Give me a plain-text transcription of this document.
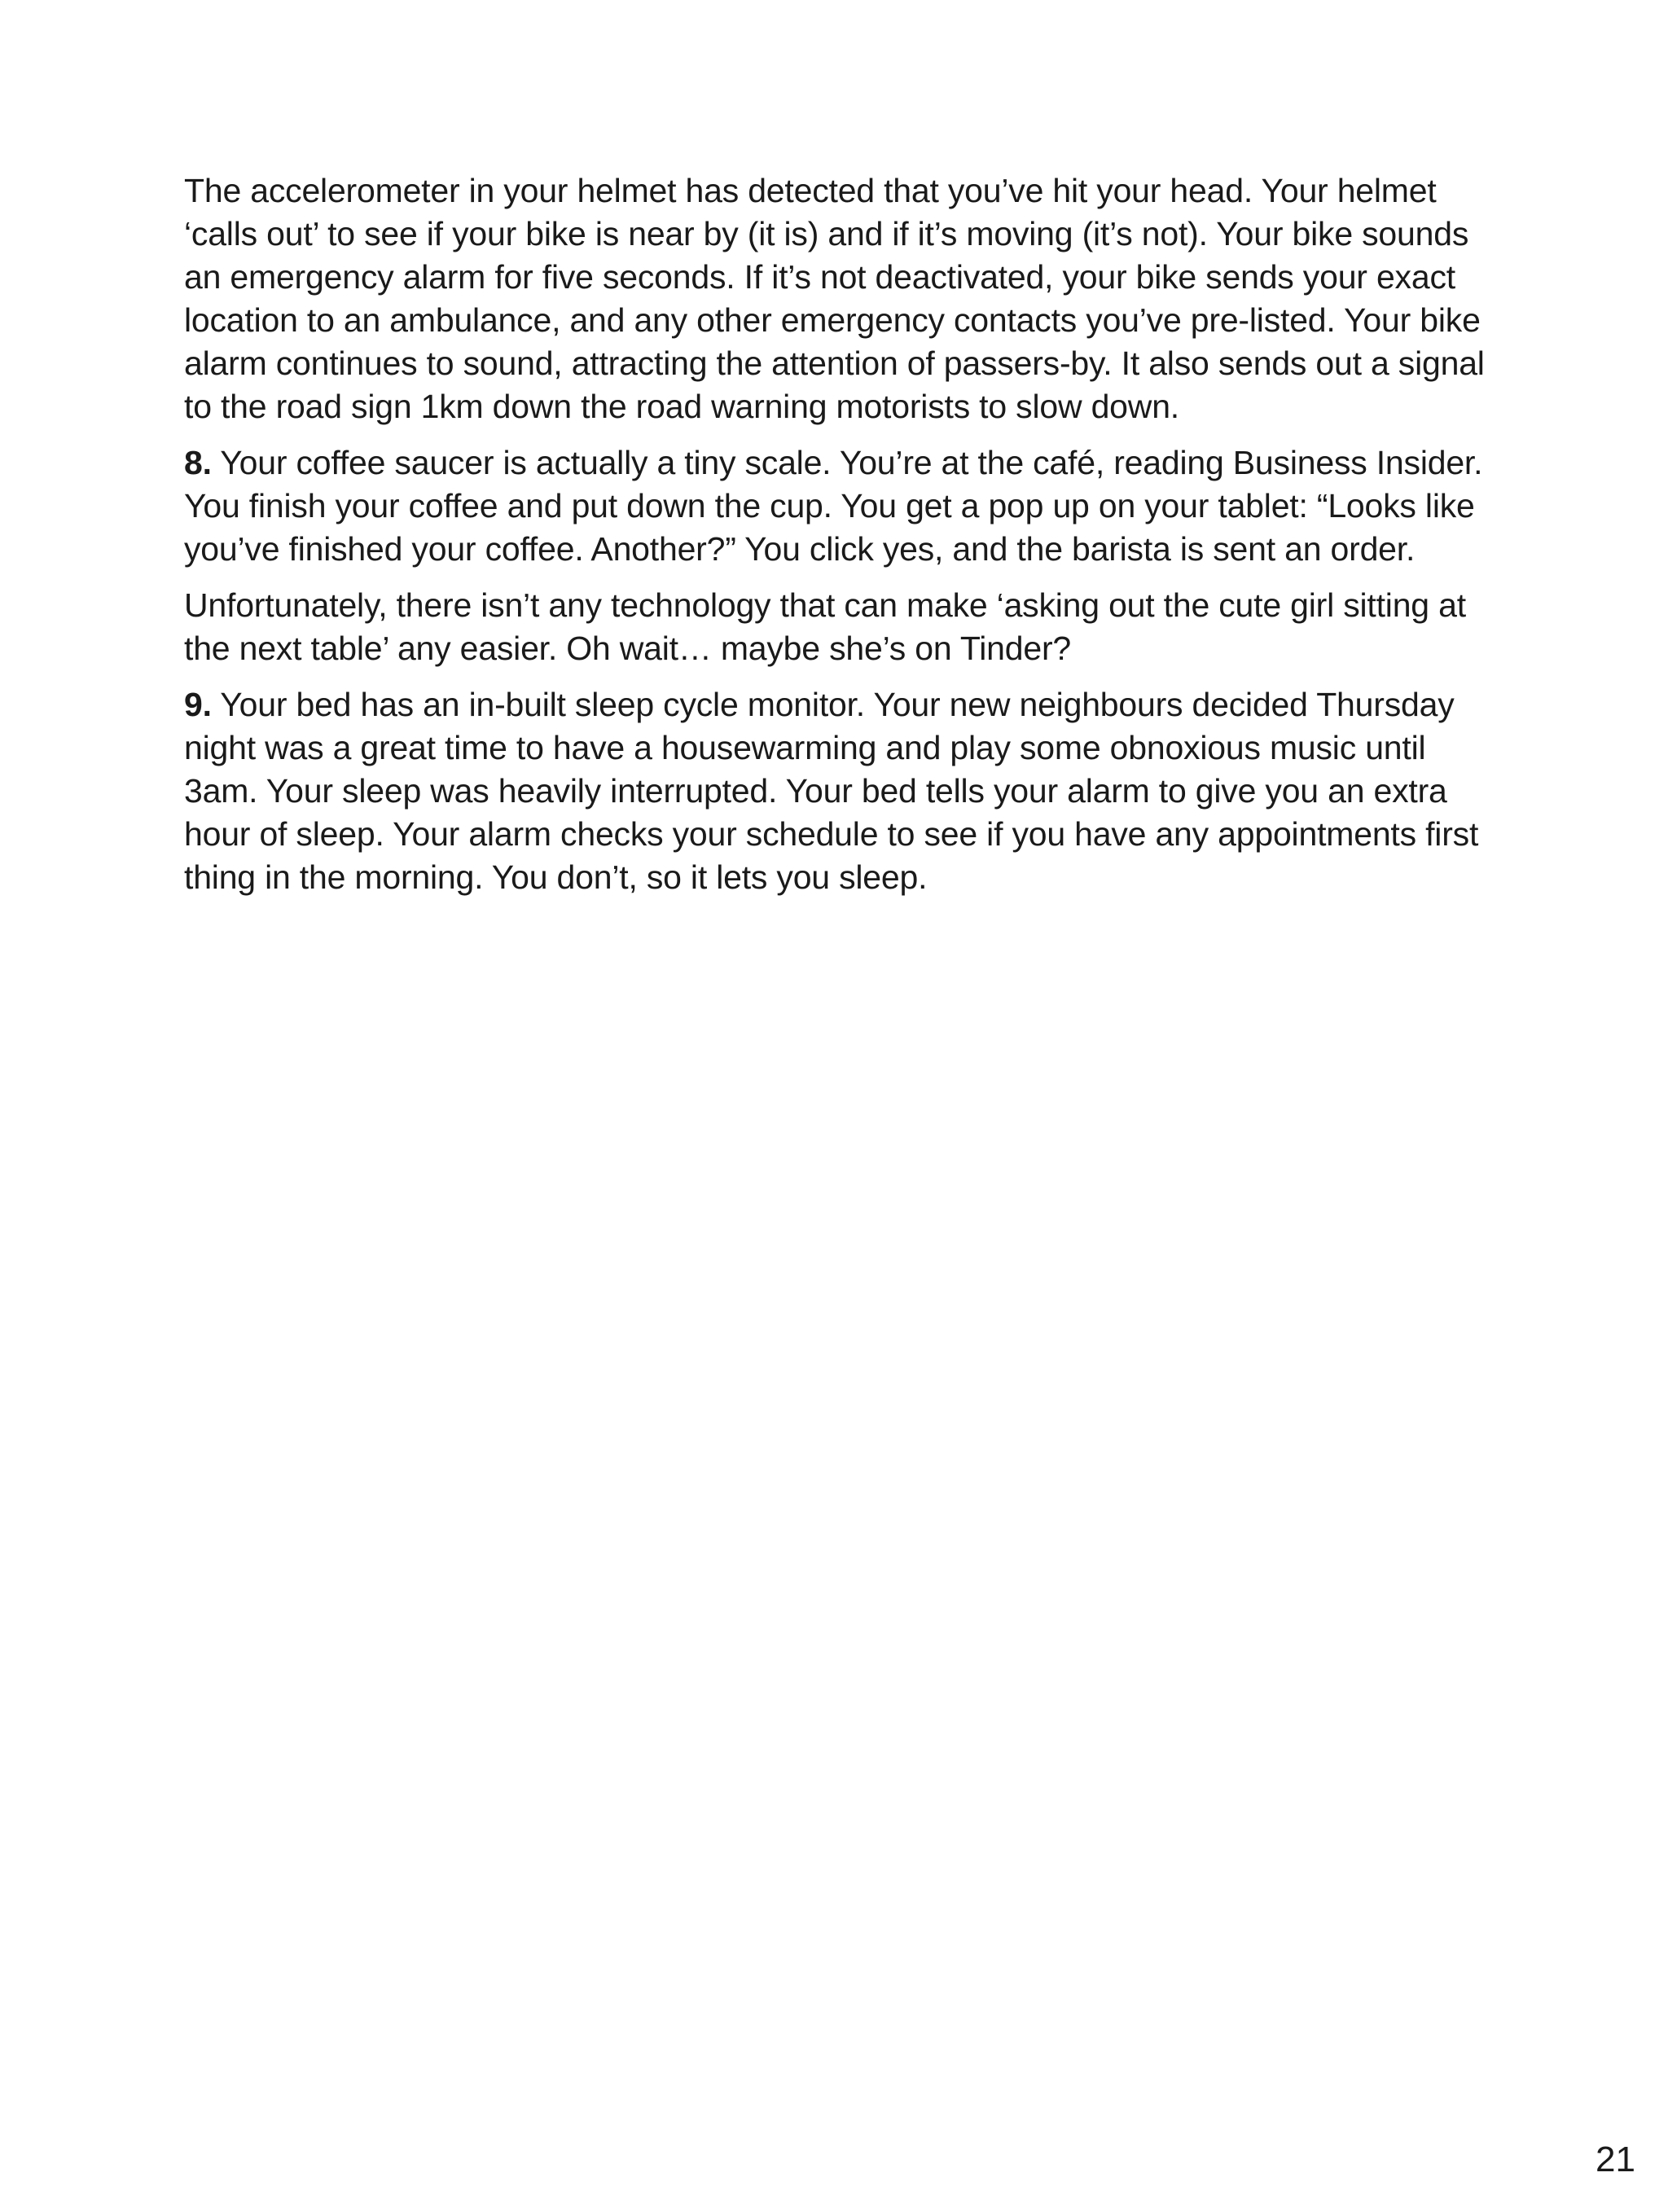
The accelerometer in your helmet has detected that you’ve hit your head. Your helmet ‘calls out’ to see if your bike is near by (it is) and if it’s moving (it’s not). Your bike sounds an emergency alarm for five seconds. If it’s not deactivated, your bike sends your exact location to an ambulance, and any other emergency contacts you’ve pre-listed. Your bike alarm continues to sound, attracting the attention of passers-by. It also sends out a signal to the road sign 1km down the road warning motorists to slow down.

8. Your coffee saucer is actually a tiny scale. You’re at the café, reading Business Insider. You finish your coffee and put down the cup. You get a pop up on your tablet: “Looks like you’ve finished your coffee. Another?” You click yes, and the barista is sent an order.

Unfortunately, there isn’t any technology that can make ‘asking out the cute girl sitting at the next table’ any easier. Oh wait… maybe she’s on Tinder?

9. Your bed has an in-built sleep cycle monitor. Your new neighbours decided Thursday night was a great time to have a housewarming and play some obnoxious music until 3am. Your sleep was heavily interrupted. Your bed tells your alarm to give you an extra hour of sleep. Your alarm checks your schedule to see if you have any appointments first thing in the morning. You don’t, so it lets you sleep.

21
